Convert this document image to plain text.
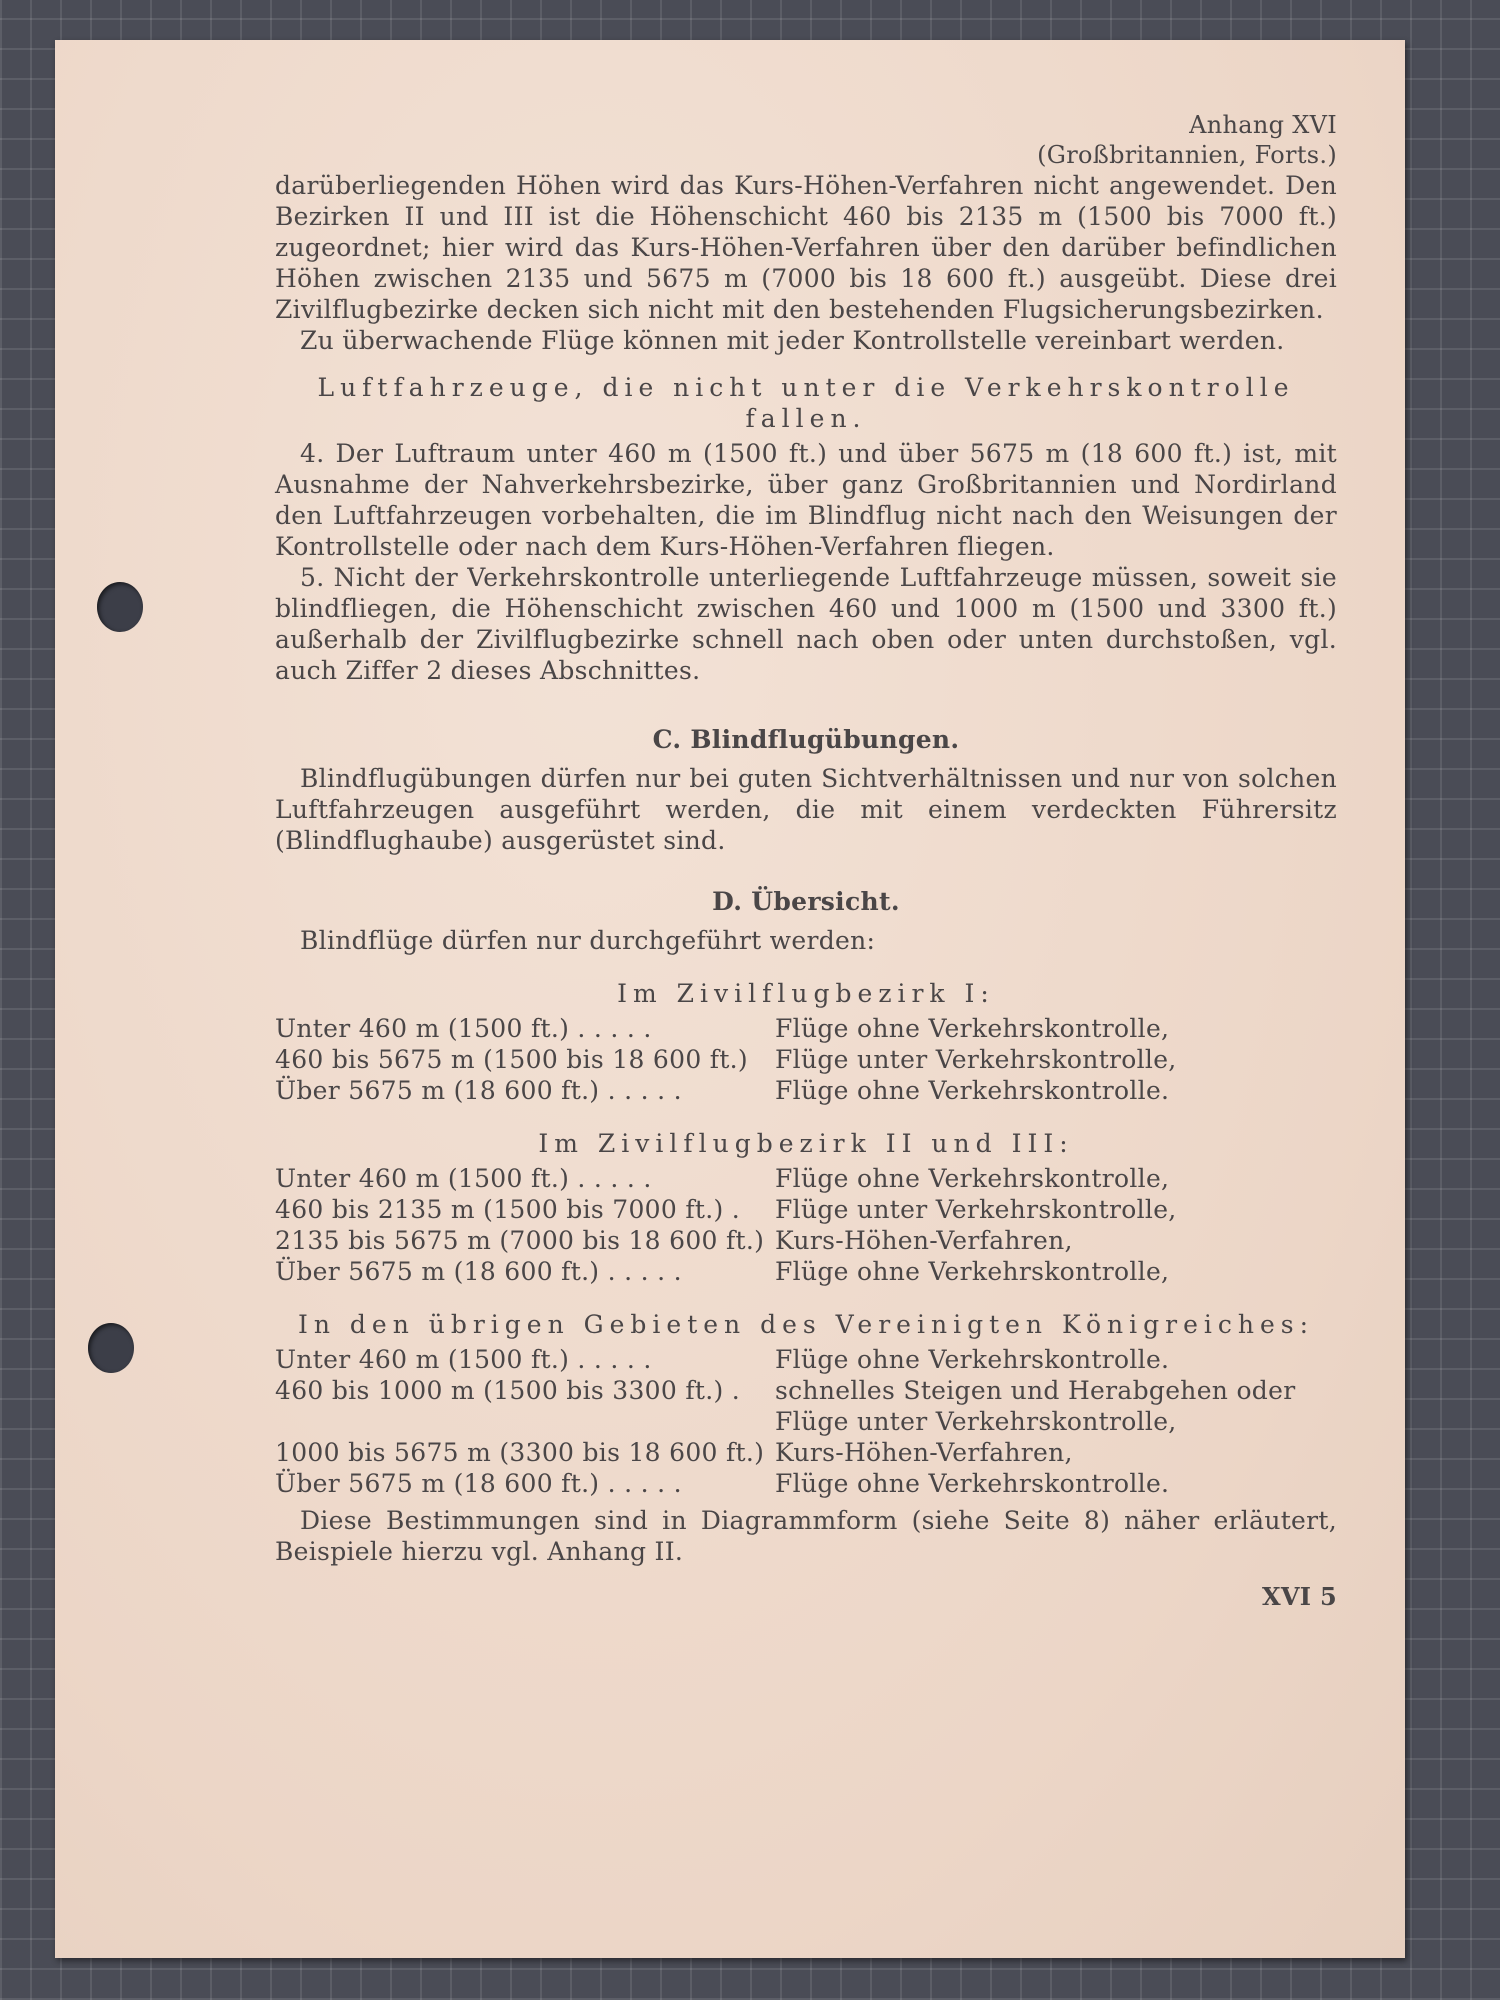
Anhang XVI
(Großbritannien, Forts.)

darüberliegenden Höhen wird das Kurs-Höhen-Verfahren nicht angewendet. Den Bezirken II und III ist die Höhenschicht 460 bis 2135 m (1500 bis 7000 ft.) zugeordnet; hier wird das Kurs-Höhen-Verfahren über den darüber befindlichen Höhen zwischen 2135 und 5675 m (7000 bis 18 600 ft.) ausgeübt. Diese drei Zivilflugbezirke decken sich nicht mit den bestehenden Flugsicherungsbezirken.

Zu überwachende Flüge können mit jeder Kontrollstelle vereinbart werden.

Luftfahrzeuge, die nicht unter die Verkehrskontrolle fallen.

4. Der Luftraum unter 460 m (1500 ft.) und über 5675 m (18 600 ft.) ist, mit Ausnahme der Nahverkehrsbezirke, über ganz Großbritannien und Nordirland den Luftfahrzeugen vorbehalten, die im Blindflug nicht nach den Weisungen der Kontrollstelle oder nach dem Kurs-Höhen-Verfahren fliegen.

5. Nicht der Verkehrskontrolle unterliegende Luftfahrzeuge müssen, soweit sie blindfliegen, die Höhenschicht zwischen 460 und 1000 m (1500 und 3300 ft.) außerhalb der Zivilflugbezirke schnell nach oben oder unten durchstoßen, vgl. auch Ziffer 2 dieses Abschnittes.

C. Blindflugübungen.

Blindflugübungen dürfen nur bei guten Sichtverhältnissen und nur von solchen Luftfahrzeugen ausgeführt werden, die mit einem verdeckten Führersitz (Blindflughaube) ausgerüstet sind.

D. Übersicht.

Blindflüge dürfen nur durchgeführt werden:

Im Zivilflugbezirk I:
Unter 460 m (1500 ft.) . . . . .	Flüge ohne Verkehrskontrolle,
460 bis 5675 m (1500 bis 18 600 ft.)	Flüge unter Verkehrskontrolle,
Über 5675 m (18 600 ft.) . . . . .	Flüge ohne Verkehrskontrolle.
Im Zivilflugbezirk II und III:
Unter 460 m (1500 ft.) . . . . .	Flüge ohne Verkehrskontrolle,
460 bis 2135 m (1500 bis 7000 ft.) .	Flüge unter Verkehrskontrolle,
2135 bis 5675 m (7000 bis 18 600 ft.) Kurs-Höhen-Verfahren,
Über 5675 m (18 600 ft.) . . . . .	Flüge ohne Verkehrskontrolle,
In den übrigen Gebieten des Vereinigten Königreiches:
Unter 460 m (1500 ft.) . . . . .	Flüge ohne Verkehrskontrolle.
460 bis 1000 m (1500 bis 3300 ft.) .	schnelles Steigen und Herabgehen oder Flüge unter Verkehrskontrolle,
1000 bis 5675 m (3300 bis 18 600 ft.) Kurs-Höhen-Verfahren,
Über 5675 m (18 600 ft.) . . . . .	Flüge ohne Verkehrskontrolle.

Diese Bestimmungen sind in Diagrammform (siehe Seite 8) näher erläutert, Beispiele hierzu vgl. Anhang II.

XVI 5
